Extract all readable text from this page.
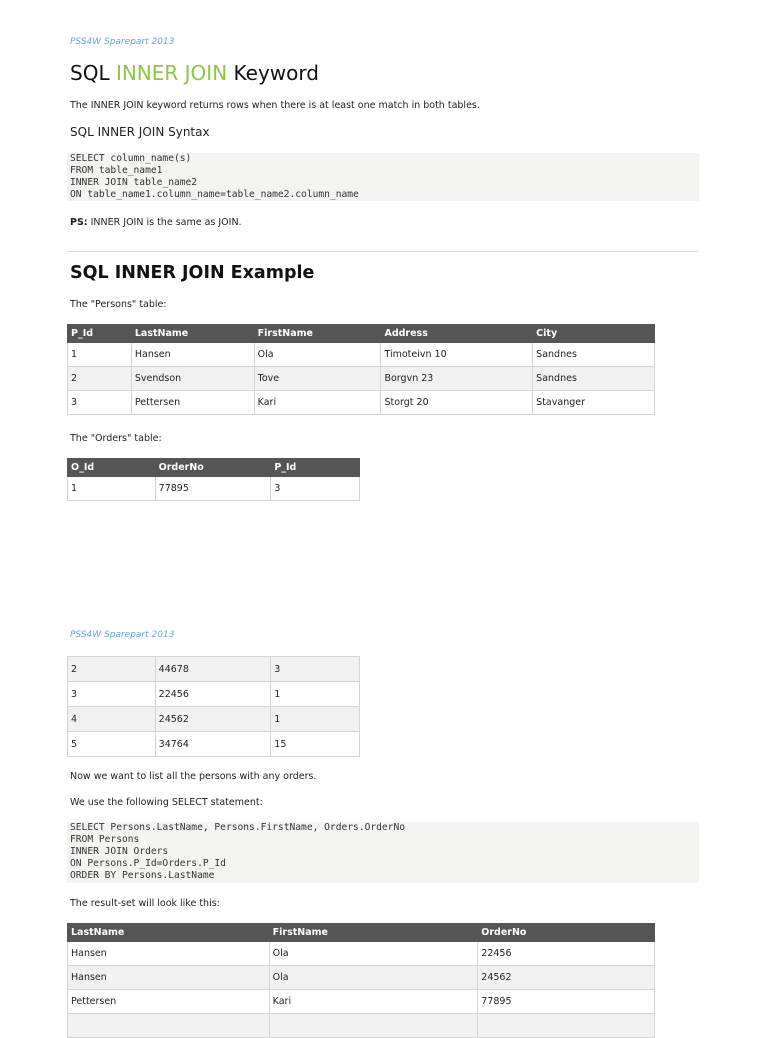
PSS4W Sparepart 2013
SQL INNER JOIN Keyword

The INNER JOIN keyword returns rows when there is at least one match in both tables.

SQL INNER JOIN Syntax
SELECT column_name(s)
FROM table_name1
INNER JOIN table_name2
ON table_name1.column_name=table_name2.column_name

PS: INNER JOIN is the same as JOIN.

SQL INNER JOIN Example

The "Persons" table:

P_Id	LastName	FirstName	Address	City
1	Hansen	Ola	Timoteivn 10	Sandnes
2	Svendson	Tove	Borgvn 23	Sandnes
3	Pettersen	Kari	Storgt 20	Stavanger

The "Orders" table:

O_Id	OrderNo	P_Id
1	77895	3
PSS4W Sparepart 2013
2	44678	3
3	22456	1
4	24562	1
5	34764	15

Now we want to list all the persons with any orders.

We use the following SELECT statement:

SELECT Persons.LastName, Persons.FirstName, Orders.OrderNo
FROM Persons
INNER JOIN Orders
ON Persons.P_Id=Orders.P_Id
ORDER BY Persons.LastName

The result-set will look like this:

LastName	FirstName	OrderNo
Hansen	Ola	22456
Hansen	Ola	24562
Pettersen	Kari	77895
